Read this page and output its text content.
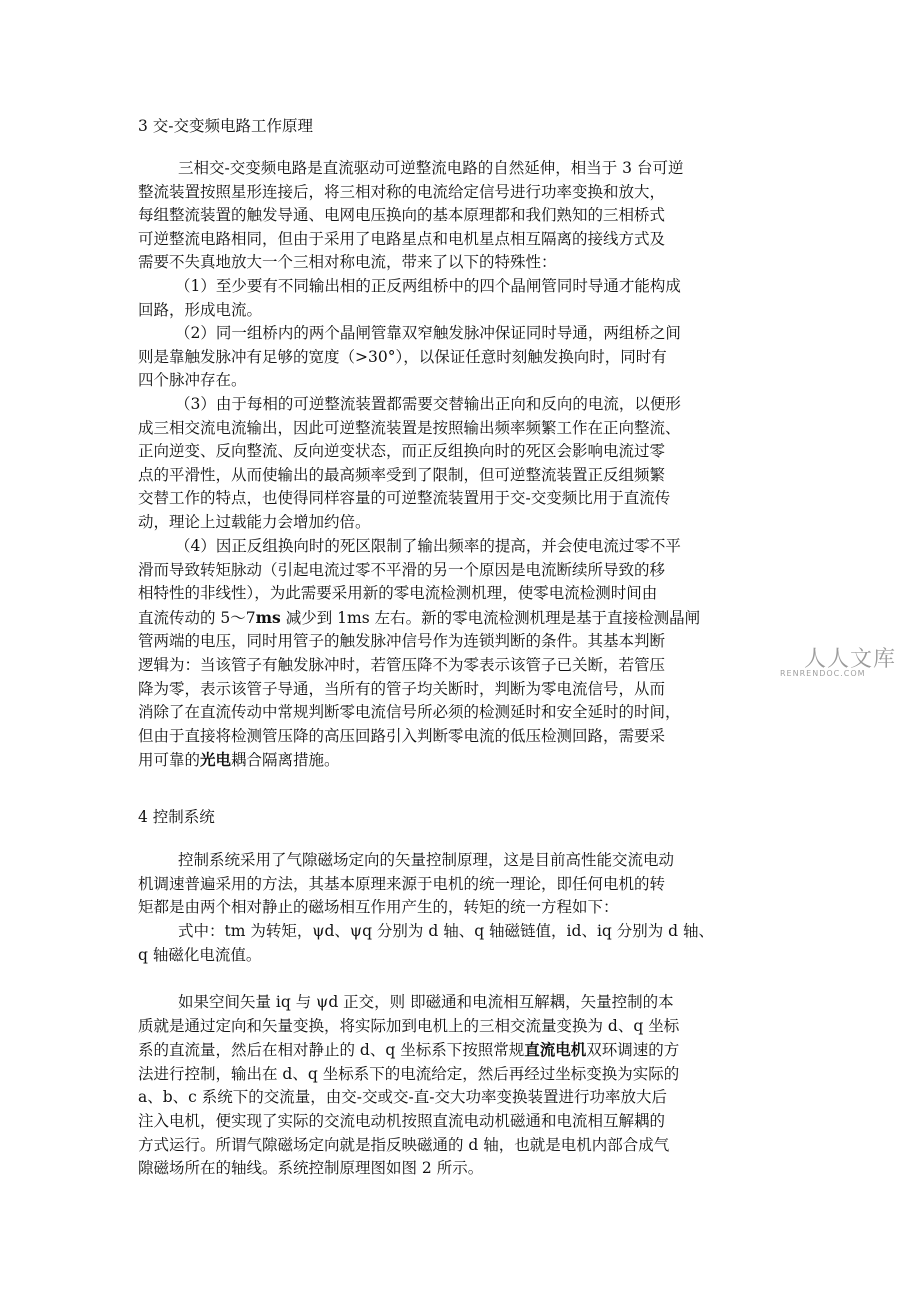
3 交-交变频电路工作原理
三相交-交变频电路是直流驱动可逆整流电路的自然延伸，相当于 3 台可逆
整流装置按照星形连接后，将三相对称的电流给定信号进行功率变换和放大，
每组整流装置的触发导通、电网电压换向的基本原理都和我们熟知的三相桥式
可逆整流电路相同，但由于采用了电路星点和电机星点相互隔离的接线方式及
需要不失真地放大一个三相对称电流，带来了以下的特殊性：
（1）至少要有不同输出相的正反两组桥中的四个晶闸管同时导通才能构成
回路，形成电流。
（2）同一组桥内的两个晶闸管靠双窄触发脉冲保证同时导通，两组桥之间
则是靠触发脉冲有足够的宽度（>30°），以保证任意时刻触发换向时，同时有
四个脉冲存在。
（3）由于每相的可逆整流装置都需要交替输出正向和反向的电流，以便形
成三相交流电流输出，因此可逆整流装置是按照输出频率频繁工作在正向整流、
正向逆变、反向整流、反向逆变状态，而正反组换向时的死区会影响电流过零
点的平滑性，从而使输出的最高频率受到了限制，但可逆整流装置正反组频繁
交替工作的特点，也使得同样容量的可逆整流装置用于交-交变频比用于直流传
动，理论上过载能力会增加约倍。
（4）因正反组换向时的死区限制了输出频率的提高，并会使电流过零不平
滑而导致转矩脉动（引起电流过零不平滑的另一个原因是电流断续所导致的移
相特性的非线性），为此需要采用新的零电流检测机理，使零电流检测时间由
直流传动的 5～7ms 减少到 1ms 左右。新的零电流检测机理是基于直接检测晶闸
管两端的电压，同时用管子的触发脉冲信号作为连锁判断的条件。其基本判断
逻辑为：当该管子有触发脉冲时，若管压降不为零表示该管子已关断，若管压
降为零，表示该管子导通，当所有的管子均关断时，判断为零电流信号，从而
消除了在直流传动中常规判断零电流信号所必须的检测延时和安全延时的时间，
但由于直接将检测管压降的高压回路引入判断零电流的低压检测回路，需要采
用可靠的光电耦合隔离措施。
4 控制系统
控制系统采用了气隙磁场定向的矢量控制原理，这是目前高性能交流电动
机调速普遍采用的方法，其基本原理来源于电机的统一理论，即任何电机的转
矩都是由两个相对静止的磁场相互作用产生的，转矩的统一方程如下：
式中：tm 为转矩，ψd、ψq 分别为 d 轴、q 轴磁链值，id、iq 分别为 d 轴、
q 轴磁化电流值。
如果空间矢量 iq 与 ψd 正交，则 即磁通和电流相互解耦，矢量控制的本
质就是通过定向和矢量变换，将实际加到电机上的三相交流量变换为 d、q 坐标
系的直流量，然后在相对静止的 d、q 坐标系下按照常规直流电机双环调速的方
法进行控制，输出在 d、q 坐标系下的电流给定，然后再经过坐标变换为实际的
a、b、c 系统下的交流量，由交-交或交-直-交大功率变换装置进行功率放大后
注入电机，便实现了实际的交流电动机按照直流电动机磁通和电流相互解耦的
方式运行。所谓气隙磁场定向就是指反映磁通的 d 轴，也就是电机内部合成气
隙磁场所在的轴线。系统控制原理图如图 2 所示。
人人文库
RENRENDOC.COM
